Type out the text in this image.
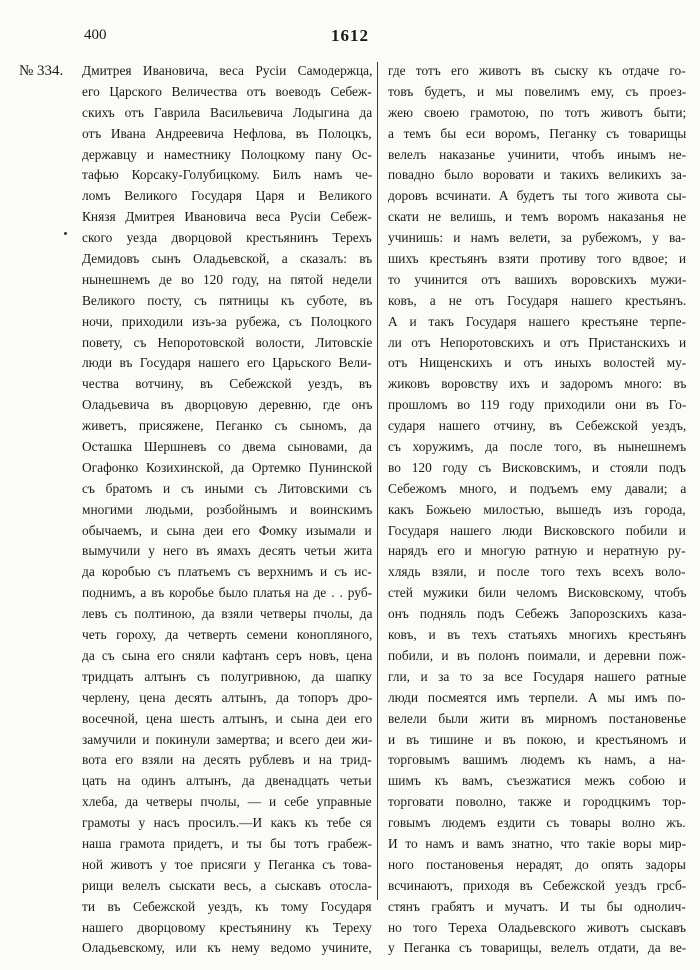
400	1612
№ 334. Дмитрея Ивановича, веса Русіи Самодержца,
его Царского Величества отъ воеводъ Себеж-
скихъ отъ Гаврила Васильевича Лодыгина да
отъ Ивана Андреевича Нефлова, въ Полоцкъ,
державцу и наместнику Полоцкому пану Ос-
тафью Корсаку-Голубицкому. Билъ намъ че-
ломъ Великого Государя Царя и Великого
Князя Дмитрея Ивановича веса Русіи Себеж-
ского уезда дворцовой крестьянинъ Терехъ
Демидовъ сынъ Оладьевской, а сказалъ: въ
нынешнемъ де во 120 году, на пятой недели
Великого посту, съ пятницы къ суботе, въ
ночи, приходили изъ-за рубежа, съ Полоцкого
повету, съ Непоротовской волости, Литовскіе
люди въ Государя нашего его Царьского Вели-
чества вотчину, въ Себежской уездъ, въ
Оладьевича въ дворцовую деревню, где онъ
живетъ, присяжене, Пеганко съ сыномъ, да
Осташка Шершневъ со двема сыновами, да
Огафонко Козихинской, да Ортемко Пунинской
съ братомъ и съ иными съ Литовскими съ
многими людьми, розбойнымъ и воинскимъ
обычаемъ, и сына деи его Фомку изымали и
вымучили у него въ ямахъ десять четьи жита
да коробью съ платьемъ съ верхнимъ и съ ис-
поднимъ, а въ коробье было платья на де . . руб-
левъ съ полтиною, да взяли четверы пчолы, да
четь гороху, да четверть семени конопляного,
да съ сына его сняли кафтанъ серъ новъ, цена
тридцать алтынъ съ полугривною, да шапку
черлену, цена десять алтынъ, да топоръ дро-
восечной, цена шесть алтынъ, и сына деи его
замучили и покинули замертва; и всего деи жи-
вота его взяли на десять рублевъ и на трид-
цать на одинъ алтынъ, да двенадцать четьи
хлеба, да четверы пчолы, — и себе управные
грамоты у насъ просилъ.—И какъ къ тебе ся
наша грамота придетъ, и ты бы тотъ грабеж-
ной животъ у тое присяги у Пеганка съ това-
рищи велелъ сыскати весь, а сыскавъ отосла-
ти въ Себежской уездъ, къ тому Государя
нашего дворцовому крестьянину къ Тереху
Оладьевскому, или къ нему ведомо учините,
где тотъ его животъ въ сыску къ отдаче го-
товъ будетъ, и мы повелимъ ему, съ проез-
жею своею грамотою, по тотъ животъ быти;
а темъ бы еси воромъ, Пеганку съ товарищы
велелъ наказанье учинити, чтобъ инымъ не-
повадно было воровати и такихъ великихъ за-
доровъ всчинати. А будетъ ты того живота сы-
скати не велишь, и темъ воромъ наказанья не
учинишь: и намъ велети, за рубежомъ, у ва-
шихъ крестьянъ взяти противу того вдвое; и
то учинится отъ вашихъ воровскихъ мужи-
ковъ, а не отъ Государя нашего крестьянъ.
А и такъ Государя нашего крестьяне терпе-
ли отъ Непоротовскихъ и отъ Пристанскихъ и
отъ Нищенскихъ и отъ иныхъ волостей му-
жиковъ воровству ихъ и задоромъ много: въ
прошломъ во 119 году приходили они въ Го-
сударя нашего отчину, въ Себежской уездъ,
съ хоружимъ, да после того, въ нынешнемъ
во 120 году съ Висковскимъ, и стояли подъ
Себежомъ много, и подъемъ ему давали; а
какъ Божьею милостью, вышедъ изъ города,
Государя нашего люди Висковского побили и
нарядъ его и многую ратную и нератную ру-
хлядь взяли, и после того техъ всехъ воло-
стей мужики били челомъ Висковскому, чтобъ
онъ подняль подъ Себежъ Запорозскихъ каза-
ковъ, и въ техъ статьяхъ многихъ крестьянъ
побили, и въ полонъ поимали, и деревни пож-
гли, и за то за все Государя нашего ратные
люди посмеятся имъ терпели. А мы имъ по-
велели были жити въ мирномъ постановенье
и въ тишине и въ покою, и крестьяномъ и
торговымъ вашимъ людемъ къ намъ, а на-
шимъ къ вамъ, съезжатися межъ собою и
торговати поволно, также и городцкимъ тор-
говымъ людемъ ездити съ товары волно жъ.
И то намъ и вамъ знатно, что такіе воры мир-
ного постановенья нерадят, до опять задоры
всчинаютъ, приходя въ Себежской уездъ грсб-
стянъ грабятъ и мучатъ. И ты бы однолич-
но того Тереха Оладьевского животъ сыскавъ
у Пеганка съ товарищы, велелъ отдати, да ве-
